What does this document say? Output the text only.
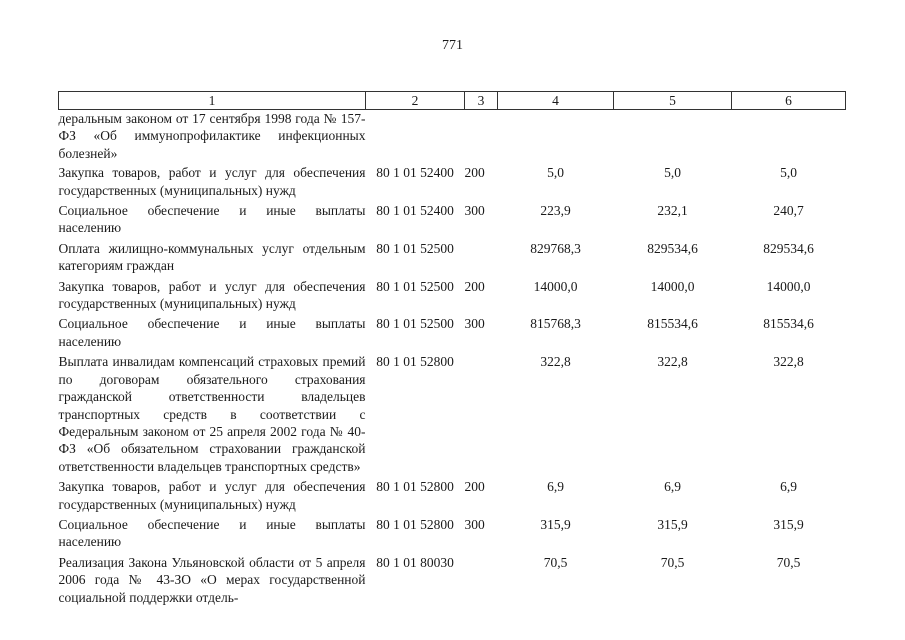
771
1	2	3	4	5	6
деральным законом от 17 сентября 1998 года № 157-ФЗ «Об иммунопрофилактике инфекционных болезней»					
Закупка товаров, работ и услуг для обеспечения государственных (муниципальных) нужд	80 1 01 52400	200	5,0	5,0	5,0
Социальное обеспечение и иные выплаты населению	80 1 01 52400	300	223,9	232,1	240,7
Оплата жилищно-коммунальных услуг отдельным категориям граждан	80 1 01 52500		829768,3	829534,6	829534,6
Закупка товаров, работ и услуг для обеспечения государственных (муниципальных) нужд	80 1 01 52500	200	14000,0	14000,0	14000,0
Социальное обеспечение и иные выплаты населению	80 1 01 52500	300	815768,3	815534,6	815534,6
Выплата инвалидам компенсаций страховых премий по договорам обязательного страхования гражданской ответственности владельцев транспортных средств в соответствии с Федеральным законом от 25 апреля 2002 года № 40-ФЗ «Об обязательном страховании гражданской ответственности владельцев транспортных средств»	80 1 01 52800		322,8	322,8	322,8
Закупка товаров, работ и услуг для обеспечения государственных (муниципальных) нужд	80 1 01 52800	200	6,9	6,9	6,9
Социальное обеспечение и иные выплаты населению	80 1 01 52800	300	315,9	315,9	315,9
Реализация Закона Ульяновской области от 5 апреля 2006 года № 43-ЗО «О мерах государственной социальной поддержки отдель-	80 1 01 80030		70,5	70,5	70,5
